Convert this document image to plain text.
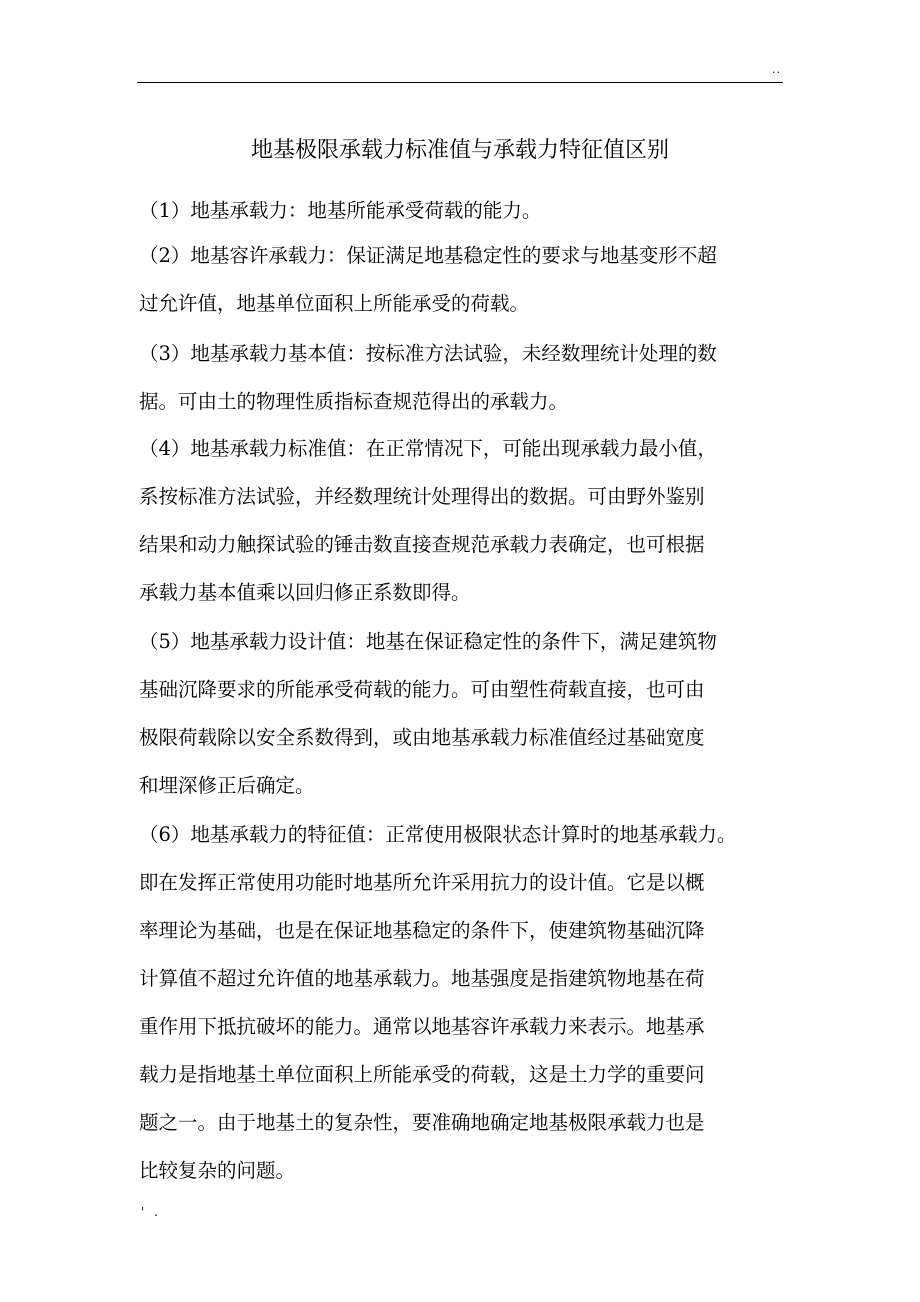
..
地基极限承载力标准值与承载力特征值区别
（1）地基承载力：地基所能承受荷载的能力。
（2）地基容许承载力：保证满足地基稳定性的要求与地基变形不超
过允许值，地基单位面积上所能承受的荷载。
（3）地基承载力基本值：按标准方法试验，未经数理统计处理的数
据。可由土的物理性质指标查规范得出的承载力。
（4）地基承载力标准值：在正常情况下，可能出现承载力最小值，
系按标准方法试验，并经数理统计处理得出的数据。可由野外鉴别
结果和动力触探试验的锤击数直接查规范承载力表确定，也可根据
承载力基本值乘以回归修正系数即得。
（5）地基承载力设计值：地基在保证稳定性的条件下，满足建筑物
基础沉降要求的所能承受荷载的能力。可由塑性荷载直接，也可由
极限荷载除以安全系数得到，或由地基承载力标准值经过基础宽度
和埋深修正后确定。
（6）地基承载力的特征值：正常使用极限状态计算时的地基承载力。
即在发挥正常使用功能时地基所允许采用抗力的设计值。它是以概
率理论为基础，也是在保证地基稳定的条件下，使建筑物基础沉降
计算值不超过允许值的地基承载力。地基强度是指建筑物地基在荷
重作用下抵抗破坏的能力。通常以地基容许承载力来表示。地基承
载力是指地基土单位面积上所能承受的荷载，这是土力学的重要问
题之一。由于地基土的复杂性，要准确地确定地基极限承载力也是
比较复杂的问题。
' .
